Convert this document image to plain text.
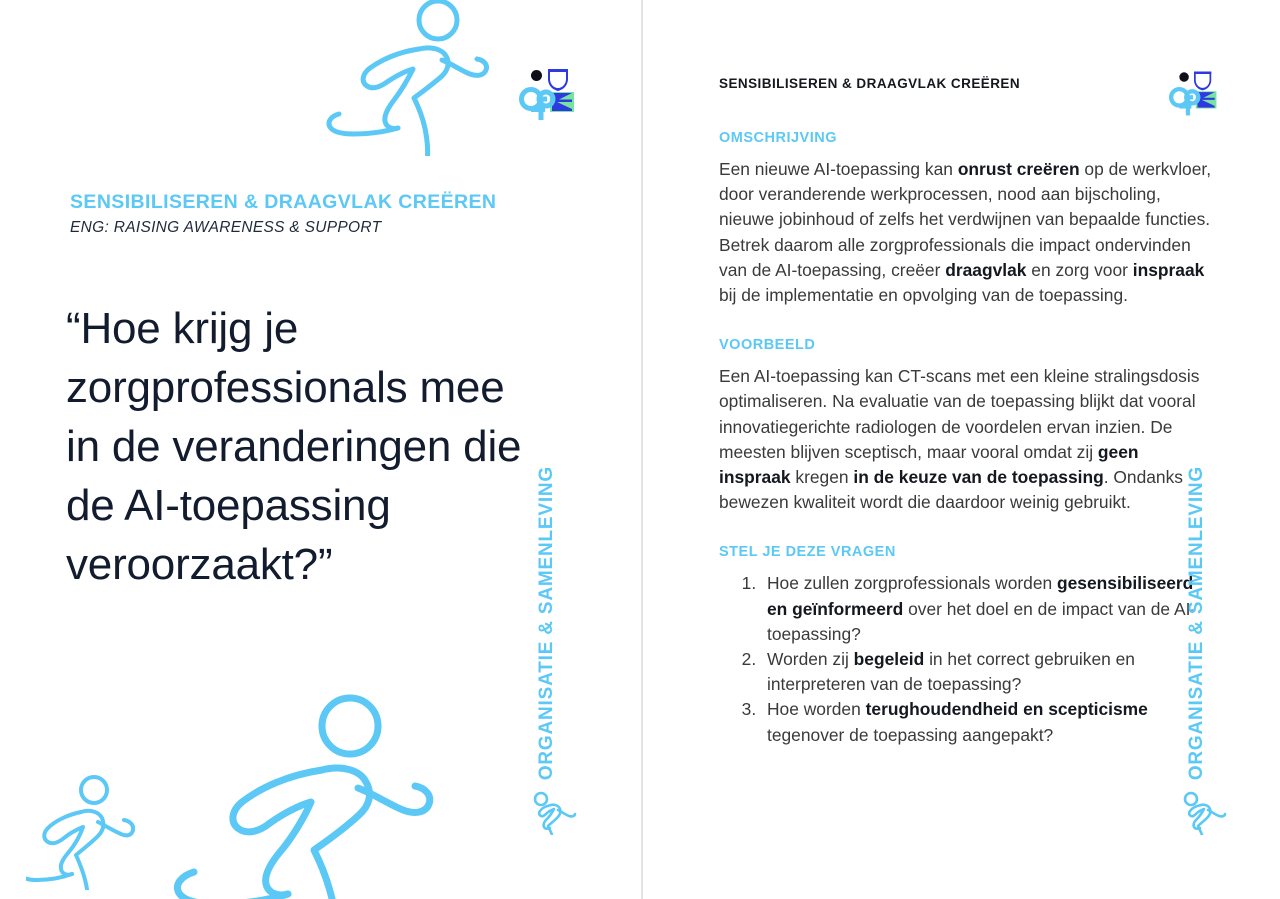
SENSIBILISEREN & DRAAGVLAK CREËREN
ENG: RAISING AWARENESS & SUPPORT
“Hoe krijg je zorgprofessionals mee in de veranderingen die de AI-toepassing veroorzaakt?”	ORGANISATIE & SAMENLEVING
SENSIBILISEREN & DRAAGVLAK CREËREN
OMSCHRIJVING

Een nieuwe AI-toepassing kan onrust creëren op de werkvloer, door veranderende werkprocessen, nood aan bijscholing, nieuwe jobinhoud of zelfs het verdwijnen van bepaalde functies. Betrek daarom alle zorgprofessionals die impact ondervinden van de AI-toepassing, creëer draagvlak en zorg voor inspraak bij de implementatie en opvolging van de toepassing.

VOORBEELD

Een AI-toepassing kan CT-scans met een kleine stralingsdosis optimaliseren. Na evaluatie van de toepassing blijkt dat vooral innovatiegerichte radiologen de voordelen ervan inzien. De meesten blijven sceptisch, maar vooral omdat zij geen inspraak kregen in de keuze van de toepassing. Ondanks bewezen kwaliteit wordt die daardoor weinig gebruikt.

STEL JE DEZE VRAGEN
1. Hoe zullen zorgprofessionals worden gesensibiliseerd en geïnformeerd over het doel en de impact van de AI-toepassing?
2. Worden zij begeleid in het correct gebruiken en interpreteren van de toepassing?
3. Hoe worden terughoudendheid en scepticisme tegenover de toepassing aangepakt?	ORGANISATIE & SAMENLEVING
